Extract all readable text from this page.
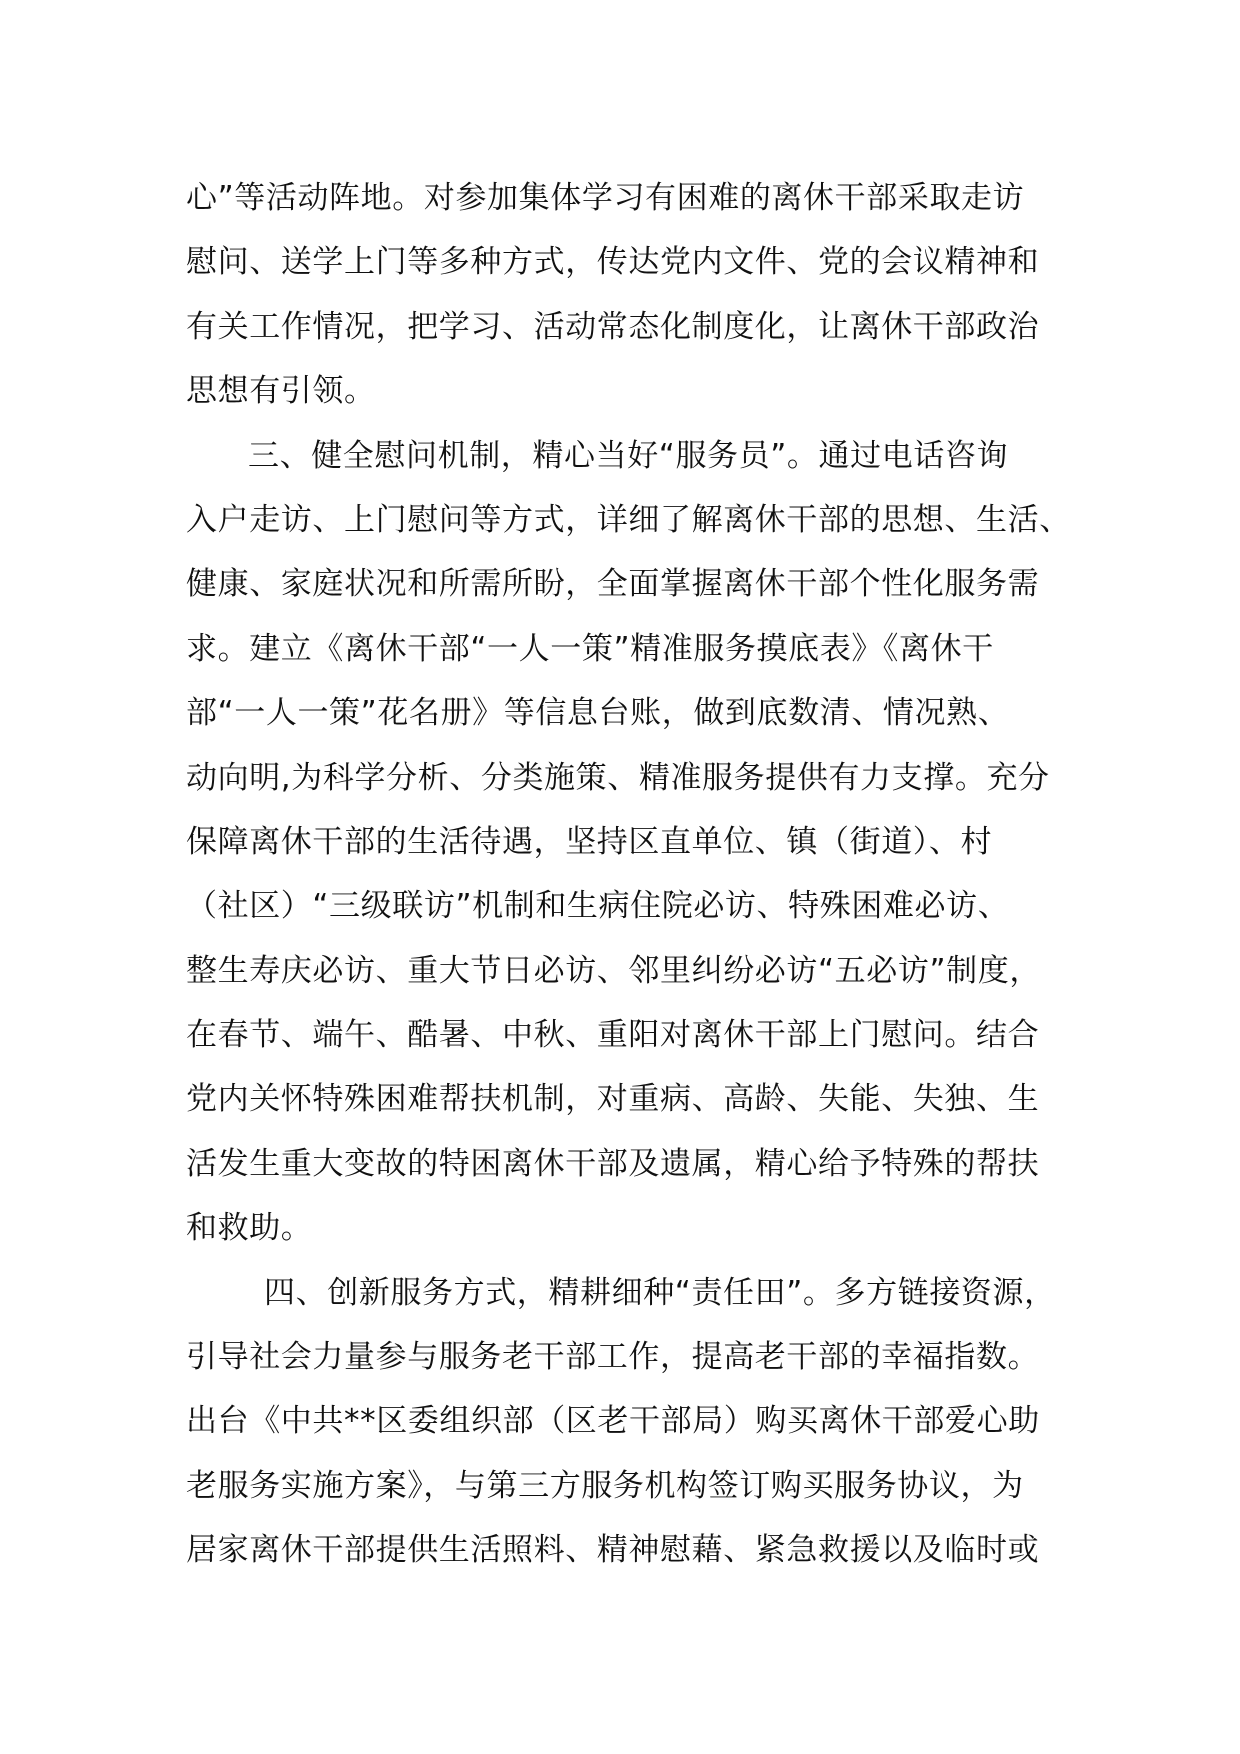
心”等活动阵地。对参加集体学习有困难的离休干部采取走访
慰问、送学上门等多种方式，传达党内文件、党的会议精神和
有关工作情况，把学习、活动常态化制度化，让离休干部政治
思想有引领。
三、健全慰问机制，精心当好“服务员”。通过电话咨询
入户走访、上门慰问等方式，详细了解离休干部的思想、生活、
健康、家庭状况和所需所盼，全面掌握离休干部个性化服务需
求。建立《离休干部“一人一策”精准服务摸底表》《离休干
部“一人一策”花名册》等信息台账，做到底数清、情况熟、
动向明,为科学分析、分类施策、精准服务提供有力支撑。充分
保障离休干部的生活待遇，坚持区直单位、镇（街道）、村
（社区）“三级联访”机制和生病住院必访、特殊困难必访、
整生寿庆必访、重大节日必访、邻里纠纷必访“五必访”制度，
在春节、端午、酷暑、中秋、重阳对离休干部上门慰问。结合
党内关怀特殊困难帮扶机制，对重病、高龄、失能、失独、生
活发生重大变故的特困离休干部及遗属，精心给予特殊的帮扶
和救助。
四、创新服务方式，精耕细种“责任田”。多方链接资源，
引导社会力量参与服务老干部工作，提高老干部的幸福指数。
出台《中共**区委组织部（区老干部局）购买离休干部爱心助
老服务实施方案》，与第三方服务机构签订购买服务协议，为
居家离休干部提供生活照料、精神慰藉、紧急救援以及临时或
